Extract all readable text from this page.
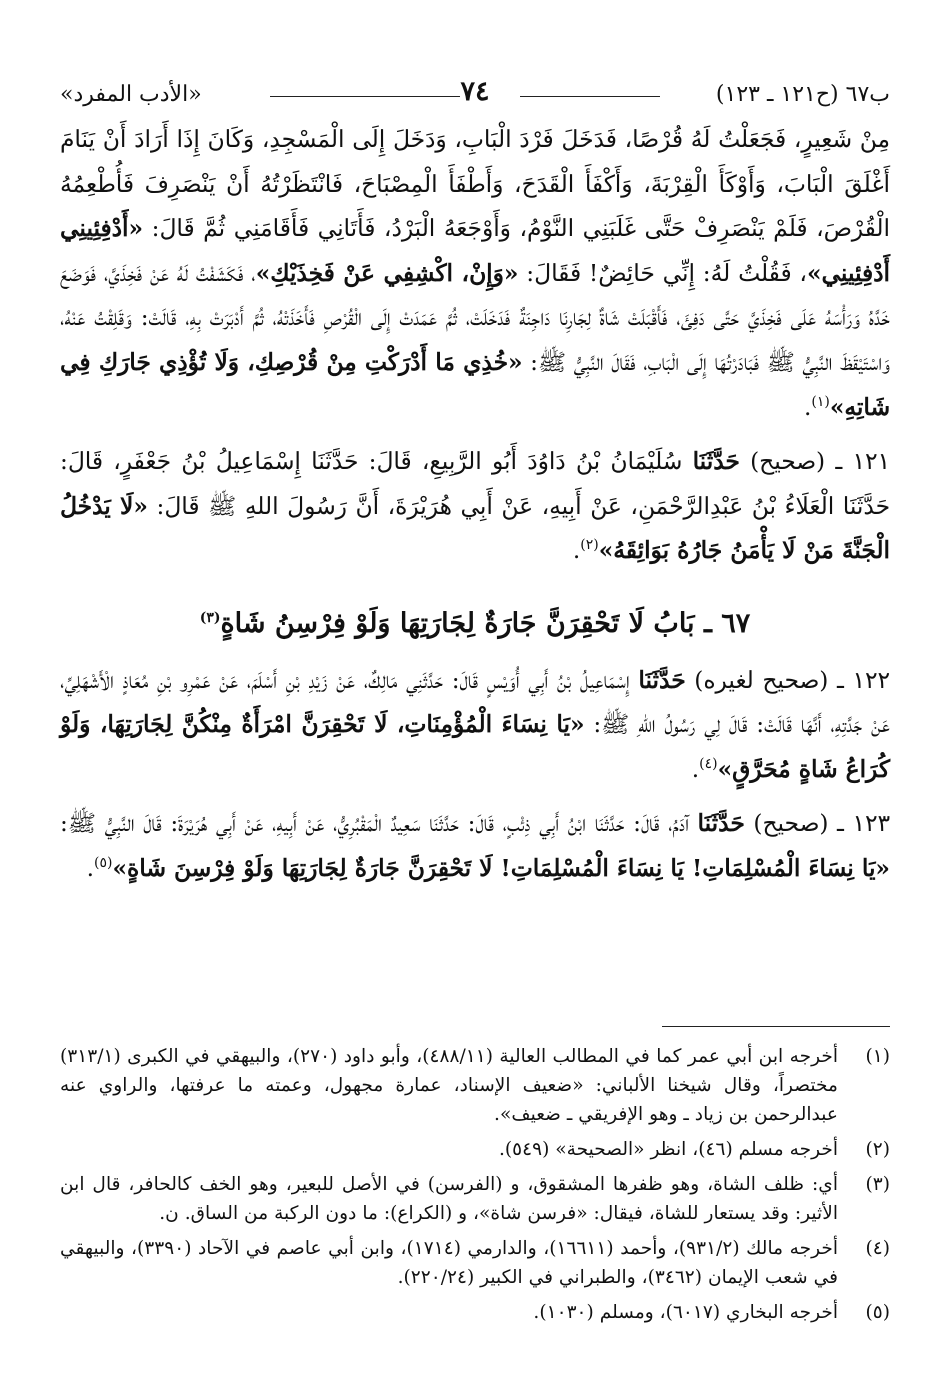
ب٦٧ (ح١٢١ ـ ١٢٣)
٧٤
«الأدب المفرد»

مِنْ شَعِيرٍ، فَجَعَلْتُ لَهُ قُرْصًا، فَدَخَلَ فَرْدَ الْبَابِ، وَدَخَلَ إِلَى الْمَسْجِدِ، وَكَانَ إِذَا أَرَادَ أَنْ يَنَامَ أَغْلَقَ الْبَابَ، وَأَوْكَأَ الْقِرْبَةَ، وَأَكْفَأَ الْقَدَحَ، وَأَطْفَأَ الْمِصْبَاحَ، فَانْتَظَرْتُهُ أَنْ يَنْصَرِفَ فَأُطْعِمُهُ الْقُرْصَ، فَلَمْ يَنْصَرِفْ حَتَّى غَلَبَنِي النَّوْمُ، وَأَوْجَعَهُ الْبَرْدُ، فَأَتَانِي فَأَقَامَنِي ثُمَّ قَالَ: «أَدْفِئِينِي أَدْفِئِينِي»، فَقُلْتُ لَهُ: إِنِّي حَائِضٌ! فَقَالَ: «وَإِنْ، اكْشِفِي عَنْ فَخِذَيْكِ»، فَكَشَفْتُ لَهُ عَنْ فَخِذَيَّ، فَوَضَعَ خَدَّهُ وَرَأْسَهُ عَلَى فَخِذَيَّ حَتَّى دَفِئَ، فَأَقْبَلَتْ شَاةٌ لِجَارِنَا دَاجِنَةٌ فَدَخَلَتْ، ثُمَّ عَمَدَتْ إِلَى الْقُرْصِ فَأَخَذَتْهُ، ثُمَّ أَدْبَرَتْ بِهِ، قَالَتْ: وَقَلِقْتُ عَنْهُ، وَاسْتَيْقَظَ النَّبِيُّ ﷺ فَبَادَرْتُهَا إِلَى الْبَابِ، فَقَالَ النَّبِيُّ ﷺ: «خُذِي مَا أَدْرَكْتِ مِنْ قُرْصِكِ، وَلَا تُؤْذِي جَارَكِ فِي شَاتِهِ»$^{(١)}$.

١٢١ ـ (صحيح) حَدَّثَنَا سُلَيْمَانُ بْنُ دَاوُدَ أَبُو الرَّبِيعِ، قَالَ: حَدَّثَنَا إِسْمَاعِيلُ بْنُ جَعْفَرٍ، قَالَ: حَدَّثَنَا الْعَلَاءُ بْنُ عَبْدِالرَّحْمَنِ، عَنْ أَبِيهِ، عَنْ أَبِي هُرَيْرَةَ، أَنَّ رَسُولَ اللهِ ﷺ قَالَ: «لَا يَدْخُلُ الْجَنَّةَ مَنْ لَا يَأْمَنُ جَارُهُ بَوَائِقَهُ»$^{(٢)}$.

٦٧ ـ بَابُ لَا تَحْقِرَنَّ جَارَةٌ لِجَارَتِهَا وَلَوْ فِرْسِنُ شَاةٍ$^{(٣)}$

١٢٢ ـ (صحيح لغيره) حَدَّثَنَا إِسْمَاعِيلُ بْنُ أَبِي أُوَيْسٍ قَالَ: حَدَّثَنِي مَالِكٌ، عَنْ زَيْدِ بْنِ أَسْلَمَ، عَنْ عَمْرِو بْنِ مُعَاذٍ الْأَشْهَلِيِّ، عَنْ جَدَّتِهِ، أَنَّهَا قَالَتْ: قَالَ لِي رَسُولُ اللهِ ﷺ: «يَا نِسَاءَ الْمُؤْمِنَاتِ، لَا تَحْقِرَنَّ امْرَأَةٌ مِنْكُنَّ لِجَارَتِهَا، وَلَوْ كُرَاعُ شَاةٍ مُحَرَّقٍ»$^{(٤)}$.

١٢٣ ـ (صحيح) حَدَّثَنَا آدَمُ، قَالَ: حَدَّثَنَا ابْنُ أَبِي ذِئْبٍ، قَالَ: حَدَّثَنَا سَعِيدٌ الْمَقْبُرِيُّ، عَنْ أَبِيهِ، عَنْ أَبِي هُرَيْرَةَ: قَالَ النَّبِيُّ ﷺ: «يَا نِسَاءَ الْمُسْلِمَاتِ! يَا نِسَاءَ الْمُسْلِمَاتِ! لَا تَحْقِرَنَّ جَارَةٌ لِجَارَتِهَا وَلَوْ فِرْسِنَ شَاةٍ»$^{(٥)}$.

(١)
أخرجه ابن أبي عمر كما في المطالب العالية (٤٨٨/١١)، وأبو داود (٢٧٠)، والبيهقي في الكبرى (٣١٣/١) مختصراً، وقال شيخنا الألباني: «ضعيف الإسناد، عمارة مجهول، وعمته ما عرفتها، والراوي عنه عبدالرحمن بن زياد ـ وهو الإفريقي ـ ضعيف».
(٢)
أخرجه مسلم (٤٦)، انظر «الصحيحة» (٥٤٩).
(٣)
أي: ظلف الشاة، وهو ظفرها المشقوق، و (الفرسن) في الأصل للبعير، وهو الخف كالحافر، قال ابن الأثير: وقد يستعار للشاة، فيقال: «فرسن شاة»، و (الكراع): ما دون الركبة من الساق. ن.
(٤)
أخرجه مالك (٩٣١/٢)، وأحمد (١٦٦١١)، والدارمي (١٧١٤)، وابن أبي عاصم في الآحاد (٣٣٩٠)، والبيهقي في شعب الإيمان (٣٤٦٢)، والطبراني في الكبير (٢٢٠/٢٤).
(٥)
أخرجه البخاري (٦٠١٧)، ومسلم (١٠٣٠).
